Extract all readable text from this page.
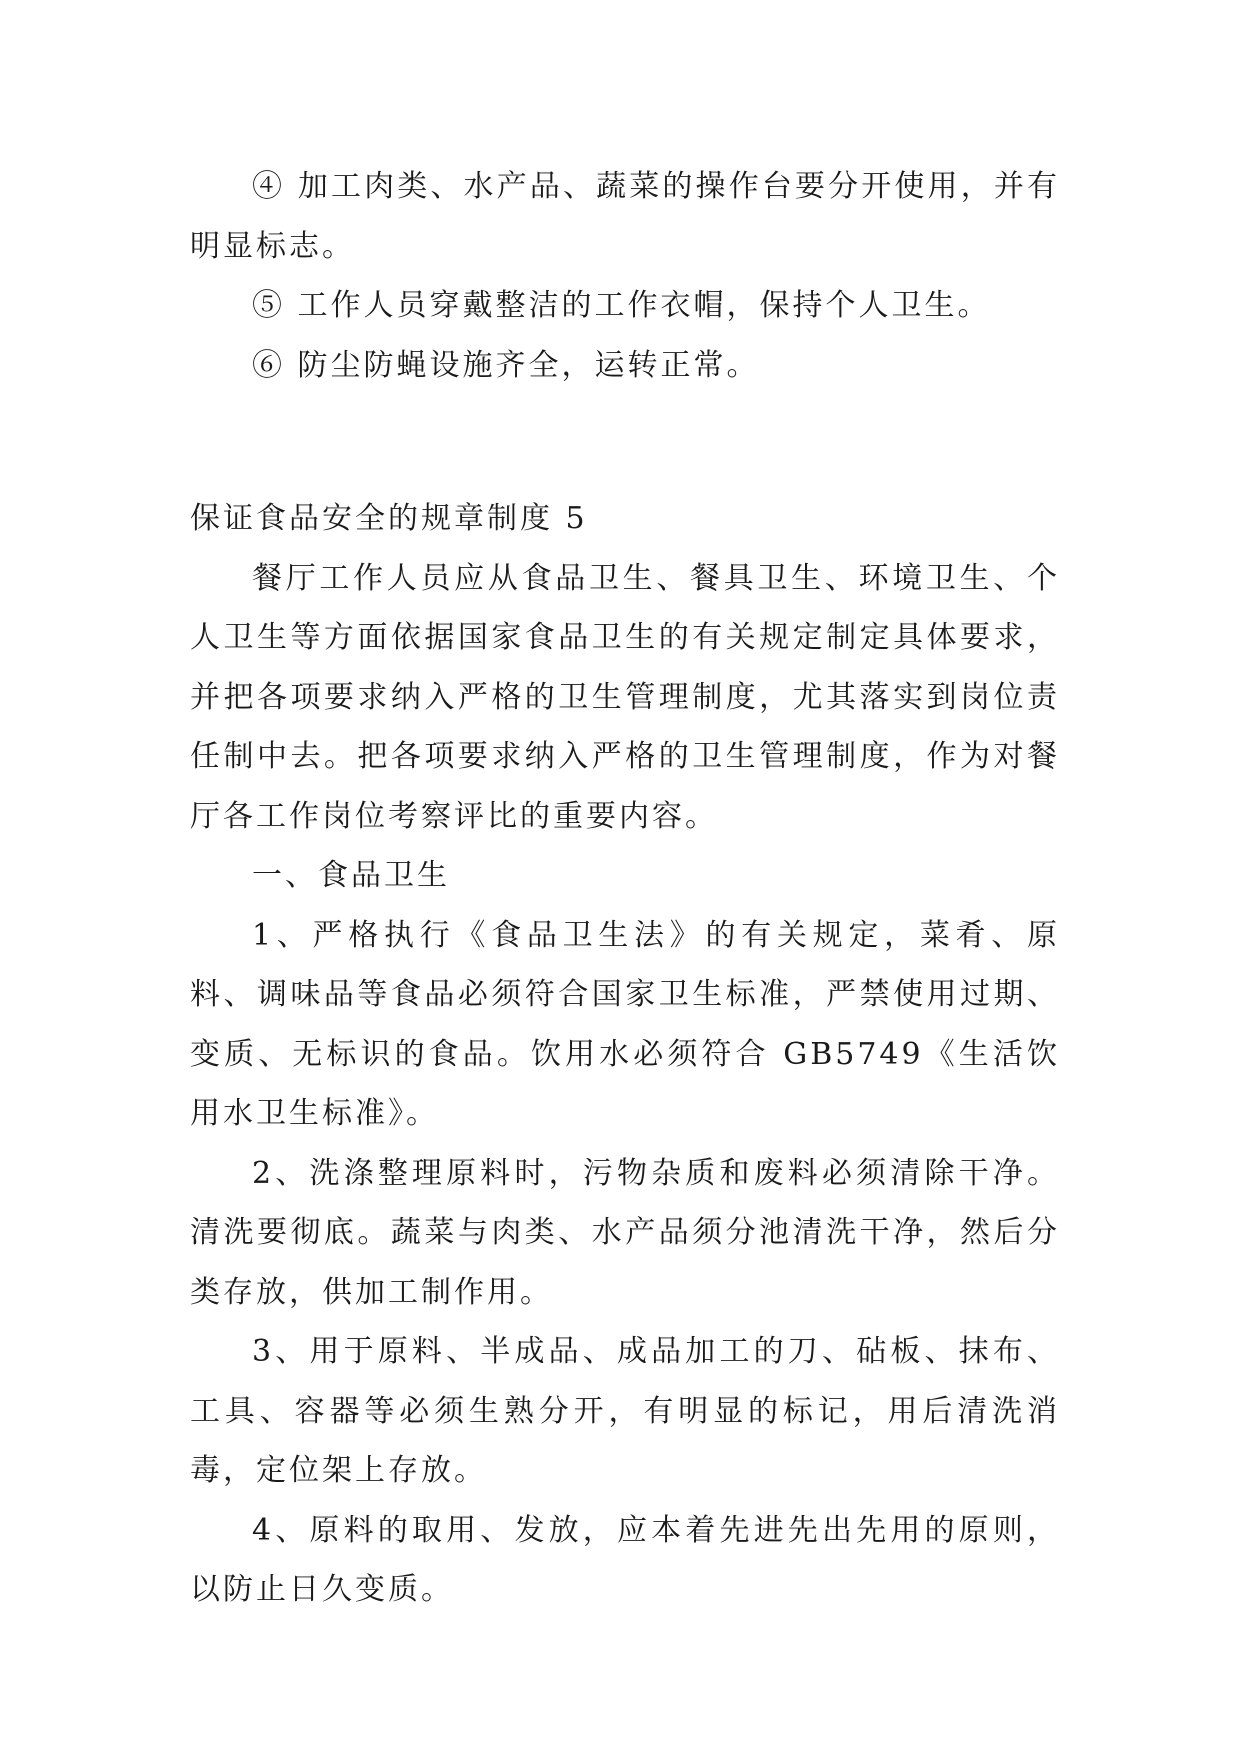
④ 加工肉类、水产品、蔬菜的操作台要分开使用，并有明显标志。

⑤ 工作人员穿戴整洁的工作衣帽，保持个人卫生。

⑥ 防尘防蝇设施齐全，运转正常。

保证食品安全的规章制度 5

餐厅工作人员应从食品卫生、餐具卫生、环境卫生、个人卫生等方面依据国家食品卫生的有关规定制定具体要求，并把各项要求纳入严格的卫生管理制度，尤其落实到岗位责任制中去。把各项要求纳入严格的卫生管理制度，作为对餐厅各工作岗位考察评比的重要内容。

一、食品卫生

1、严格执行《食品卫生法》的有关规定，菜肴、原料、调味品等食品必须符合国家卫生标准，严禁使用过期、变质、无标识的食品。饮用水必须符合 GB5749《生活饮用水卫生标准》。

2、洗涤整理原料时，污物杂质和废料必须清除干净。清洗要彻底。蔬菜与肉类、水产品须分池清洗干净，然后分类存放，供加工制作用。

3、用于原料、半成品、成品加工的刀、砧板、抹布、工具、容器等必须生熟分开，有明显的标记，用后清洗消毒，定位架上存放。

4、原料的取用、发放，应本着先进先出先用的原则，以防止日久变质。
